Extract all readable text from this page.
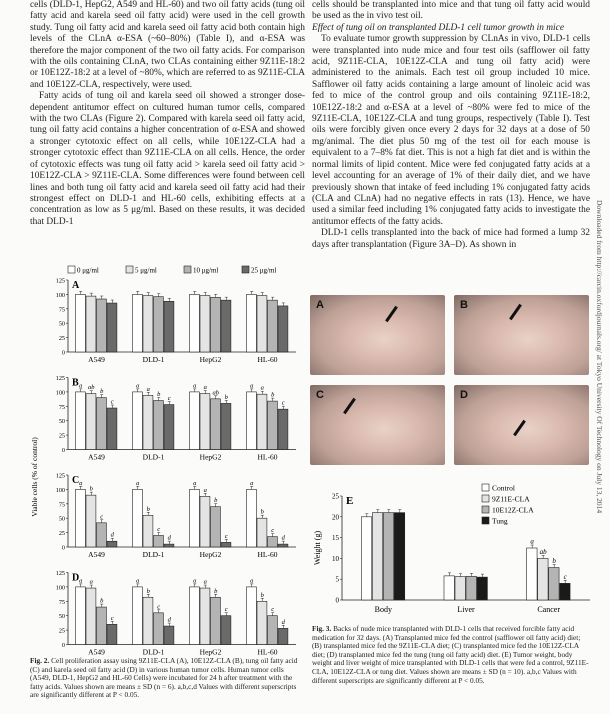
cells (DLD-1, HepG2, A549 and HL-60) and two oil fatty acids (tung oil fatty acid and karela seed oil fatty acid) were used in the cell growth study. Tung oil fatty acid and karela seed oil fatty acid both contain high levels of the CLnA α-ESA (~60–80%) (Table I), and α-ESA was therefore the major component of the two oil fatty acids. For comparison with the oils containing CLnA, two CLAs containing either 9Z11E-18:2 or 10E12Z-18:2 at a level of ~80%, which are referred to as 9Z11E-CLA and 10E12Z-CLA, respectively, were used.

Fatty acids of tung oil and karela seed oil showed a stronger dose-dependent antitumor effect on cultured human tumor cells, compared with the two CLAs (Figure 2). Compared with karela seed oil fatty acid, tung oil fatty acid contains a higher concentration of α-ESA and showed a stronger cytotoxic effect on all cells, while 10E12Z-CLA had a stronger cytotoxic effect than 9Z11E-CLA on all cells. Hence, the order of cytotoxic effects was tung oil fatty acid > karela seed oil fatty acid > 10E12Z-CLA > 9Z11E-CLA. Some differences were found between cell lines and both tung oil fatty acid and karela seed oil fatty acid had their strongest effect on DLD-1 and HL-60 cells, exhibiting effects at a concentration as low as 5 μg/ml. Based on these results, it was decided that DLD-1

cells should be transplanted into mice and that tung oil fatty acid would be used as the in vivo test oil.

Effect of tung oil on transplanted DLD-1 cell tumor growth in mice

To evaluate tumor growth suppression by CLnAs in vivo, DLD-1 cells were transplanted into nude mice and four test oils (safflower oil fatty acid, 9Z11E-CLA, 10E12Z-CLA and tung oil fatty acid) were administered to the animals. Each test oil group included 10 mice. Safflower oil fatty acids containing a large amount of linoleic acid was fed to mice of the control group and oils containing 9Z11E-18:2, 10E12Z-18:2 and α-ESA at a level of ~80% were fed to mice of the 9Z11E-CLA, 10E12Z-CLA and tung groups, respectively (Table I). Test oils were forcibly given once every 2 days for 32 days at a dose of 50 mg/animal. The diet plus 50 mg of the test oil for each mouse is equivalent to a 7–8% fat diet. This is not a high fat diet and is within the normal limits of lipid content. Mice were fed conjugated fatty acids at a level accounting for an average of 1% of their daily diet, and we have previously shown that intake of feed including 1% conjugated fatty acids (CLA and CLnA) had no negative effects in rats (13). Hence, we have used a similar feed including 1% conjugated fatty acids to investigate the antitumor effects of the fatty acids.

DLD-1 cells transplanted into the back of mice had formed a lump 32 days after transplantation (Figure 3A–D). As shown in	Downloaded from http://carcin.oxfordjournals.org/ at Tokyo University Of Technology on July 13, 2014
0 μg/ml	5 μg/ml	10 μg/ml	25 μg/ml
Viable cells (% of control)
0
25
50
75
100
125
A549	DLD-1	HepG2	HL-60
A
0
25
50
75
100
125
a ab
b
c
A549
a a
b
c
DLD-1
a a
ab
b
HepG2
a a
b
c
HL-60
B
0
25
50
75
100
125
a
b
c
d
A549
a
b
c
d
DLD-1
a
a
b
c
HepG2
a
b
c
d
HL-60
C
0
25
50
75
100
125
a a
b
c
A549
a
b
c
d
DLD-1
a a
b
c
HepG2
a
b
c
d
HL-60
D
A	B
C	D
Weight (g)
0
5
10
15
20
25
Body	Liver
a
ab
b
c
Cancer
E
Control
9Z11E-CLA
10E12Z-CLA
Tung
Fig. 2. Cell proliferation assay using 9Z11E-CLA (A), 10E12Z-CLA (B), tung oil fatty acid (C) and karela seed oil fatty acid (D) in various human tumor cells. Human tumor cells (A549, DLD-1, HepG2 and HL-60 Cells) were incubated for 24 h after treatment with the fatty acids. Values shown are means ± SD (n = 6). a,b,c,d Values with different superscripts are significantly different at P < 0.05.
Fig. 3. Backs of nude mice transplanted with DLD-1 cells that received forcible fatty acid medication for 32 days. (A) Transplanted mice fed the control (safflower oil fatty acid) diet; (B) transplanted mice fed the 9Z11E-CLA diet; (C) transplanted mice fed the 10E12Z-CLA diet; (D) transplanted mice fed the tung (tung oil fatty acid) diet. (E) Tumor weight, body weight and liver weight of mice transplanted with DLD-1 cells that were fed a control, 9Z11E-CLA, 10E12Z-CLA or tung diet. Values shown are means ± SD (n = 10). a,b,c Values with different superscripts are significantly different at P < 0.05.
